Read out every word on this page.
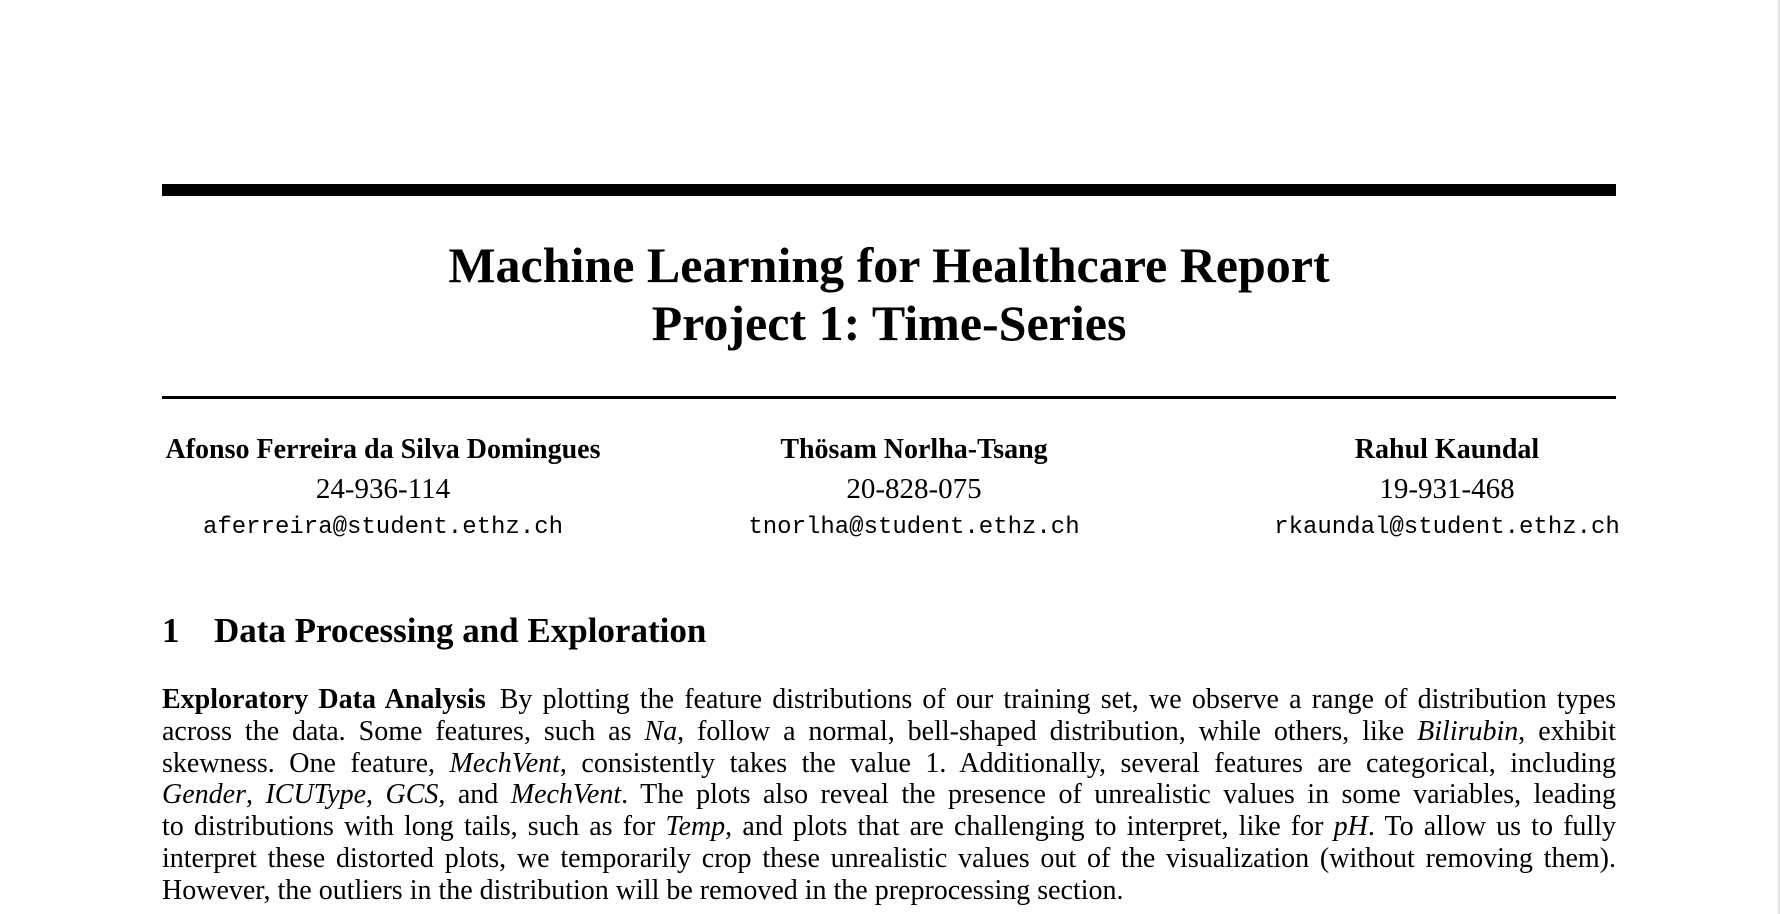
Machine Learning for Healthcare Report
Project 1: Time-Series
Afonso Ferreira da Silva Domingues
24-936-114
aferreira@student.ethz.ch
Thösam Norlha-Tsang
20-828-075
tnorlha@student.ethz.ch
Rahul Kaundal
19-931-468
rkaundal@student.ethz.ch
1 Data Processing and Exploration
Exploratory Data Analysis By plotting the feature distributions of our training set, we observe a range of distribution types
across the data. Some features, such as Na, follow a normal, bell-shaped distribution, while others, like Bilirubin, exhibit
skewness. One feature, MechVent, consistently takes the value 1. Additionally, several features are categorical, including
Gender, ICUType, GCS, and MechVent. The plots also reveal the presence of unrealistic values in some variables, leading
to distributions with long tails, such as for Temp, and plots that are challenging to interpret, like for pH. To allow us to fully
interpret these distorted plots, we temporarily crop these unrealistic values out of the visualization (without removing them).
However, the outliers in the distribution will be removed in the preprocessing section.
